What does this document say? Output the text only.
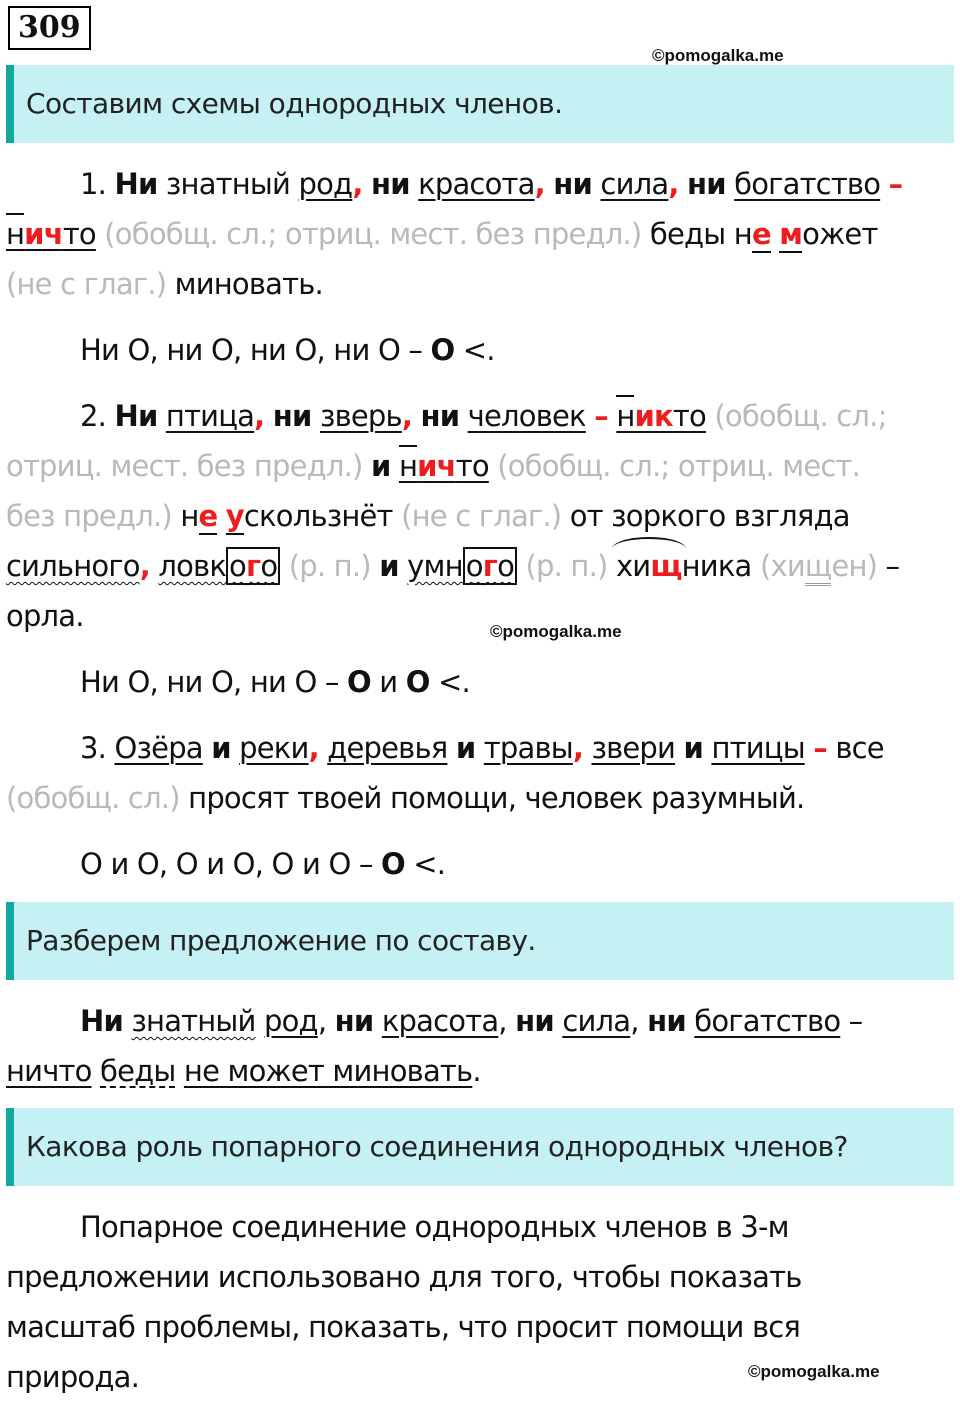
309
©pomogalka.me
Составим схемы однородных членов.
1. Ни знатный род, ни красота, ни сила, ни богатство –
ничто (обобщ. сл.; отриц. мест. без предл.) беды не может
(не с глаг.) миновать.
Ни О, ни О, ни О, ни О – О <.
2. Ни птица, ни зверь, ни человек – никто (обобщ. сл.;
отриц. мест. без предл.) и ничто (обобщ. сл.; отриц. мест.
без предл.) не ускользнёт (не с глаг.) от зоркого взгляда
сильного, ловк ого (р. п.) и умн ого (р. п.) хищника (хищен) –
орла.	©pomogalka.me
Ни О, ни О, ни О – О и О <.
3. Озёра и реки, деревья и травы, звери и птицы – все
(обобщ. сл.) просят твоей помощи, человек разумный.
О и О, О и О, О и О – О <.
Разберем предложение по составу.
Ни знатный род, ни красота, ни сила, ни богатство –
ничто беды не может миновать.
Какова роль попарного соединения однородных членов?
Попарное соединение однородных членов в 3-м
предложении использовано для того, чтобы показать
масштаб проблемы, показать, что просит помощи вся
природа.	©pomogalka.me
